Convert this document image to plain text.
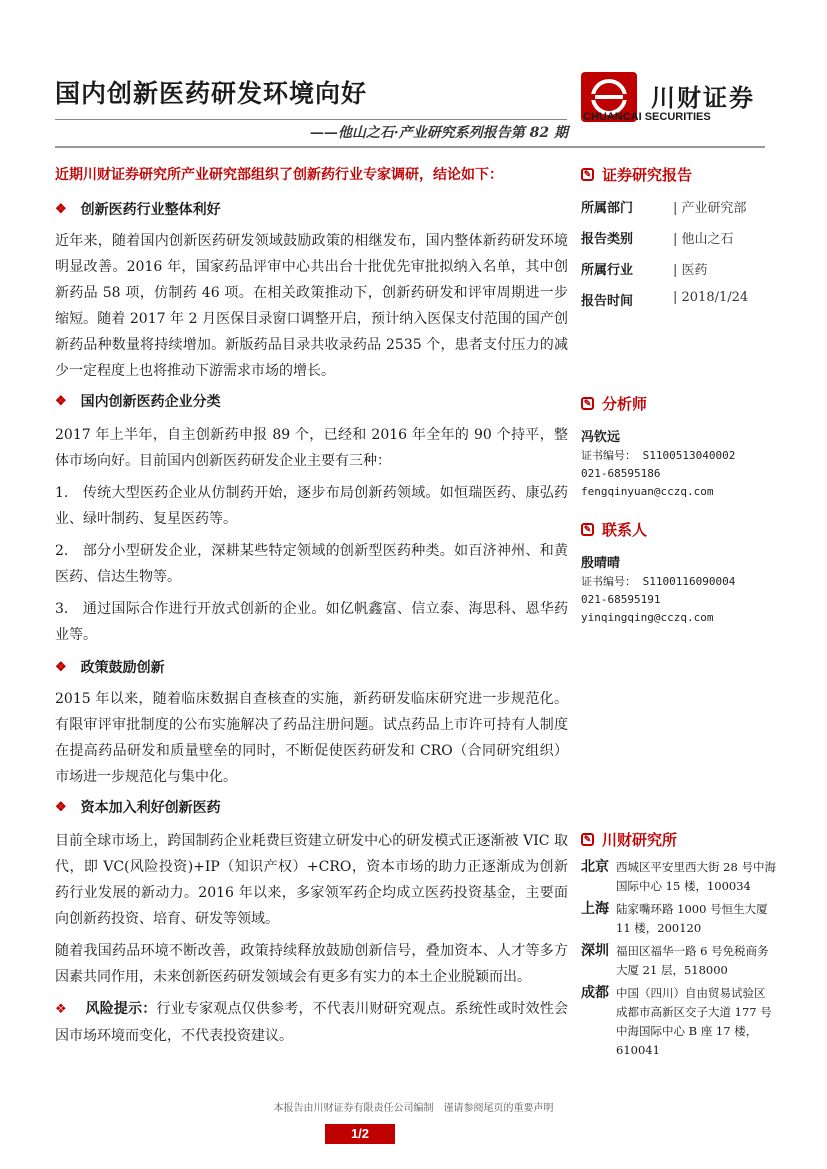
国内创新医药研发环境向好	川财证券
CHUANCAI SECURITIES
——他山之石·产业研究系列报告第 82 期
近期川财证券研究所产业研究部组织了创新药行业专家调研，结论如下：
❖ 创新医药行业整体利好
近年来，随着国内创新医药研发领域鼓励政策的相继发布，国内整体新药研发环境明显改善。2016 年，国家药品评审中心共出台十批优先审批拟纳入名单，其中创新药品 58 项，仿制药 46 项。在相关政策推动下，创新药研发和评审周期进一步缩短。随着 2017 年 2 月医保目录窗口调整开启，预计纳入医保支付范围的国产创新药品种数量将持续增加。新版药品目录共收录药品 2535 个，患者支付压力的减少一定程度上也将推动下游需求市场的增长。
❖ 国内创新医药企业分类
2017 年上半年，自主创新药申报 89 个，已经和 2016 年全年的 90 个持平，整体市场向好。目前国内创新医药研发企业主要有三种：
1.　传统大型医药企业从仿制药开始，逐步布局创新药领域。如恒瑞医药、康弘药业、绿叶制药、复星医药等。
2.　部分小型研发企业，深耕某些特定领域的创新型医药种类。如百济神州、和黄医药、信达生物等。
3.　通过国际合作进行开放式创新的企业。如亿帆鑫富、信立泰、海思科、恩华药业等。
❖ 政策鼓励创新
2015 年以来，随着临床数据自查核查的实施，新药研发临床研究进一步规范化。有限审评审批制度的公布实施解决了药品注册问题。试点药品上市许可持有人制度在提高药品研发和质量壁垒的同时，不断促使医药研发和 CRO（合同研究组织）市场进一步规范化与集中化。
❖ 资本加入利好创新医药
目前全球市场上，跨国制药企业耗费巨资建立研发中心的研发模式正逐渐被 VIC 取代，即 VC(风险投资)+IP（知识产权）+CRO，资本市场的助力正逐渐成为创新药行业发展的新动力。2016 年以来，多家领军药企均成立医药投资基金，主要面向创新药投资、培育、研发等领域。
随着我国药品环境不断改善，政策持续释放鼓励创新信号，叠加资本、人才等多方因素共同作用，未来创新医药研发领域会有更多有实力的本土企业脱颖而出。
❖ 风险提示：行业专家观点仅供参考，不代表川财研究观点。系统性或时效性会因市场环境而变化，不代表投资建议。
✎ 证券研究报告
所属部门	| 产业研究部
报告类别	| 他山之石
所属行业	| 医药
报告时间	| 2018/1/24
✎ 分析师
冯钦远
证书编号： S1100513040002
021-68595186
fengqinyuan@cczq.com
✎ 联系人
殷晴晴
证书编号： S1100116090004
021-68595191
yinqingqing@cczq.com
✎ 川财研究所
北京 西城区平安里西大街 28 号中海国际中心 15 楼，100034
上海 陆家嘴环路 1000 号恒生大厦 11 楼，200120
深圳 福田区福华一路 6 号免税商务大厦 21 层，518000
成都 中国（四川）自由贸易试验区成都市高新区交子大道 177 号中海国际中心 B 座 17 楼，610041
本报告由川财证券有限责任公司编制　谨请参阅尾页的重要声明
1/2
